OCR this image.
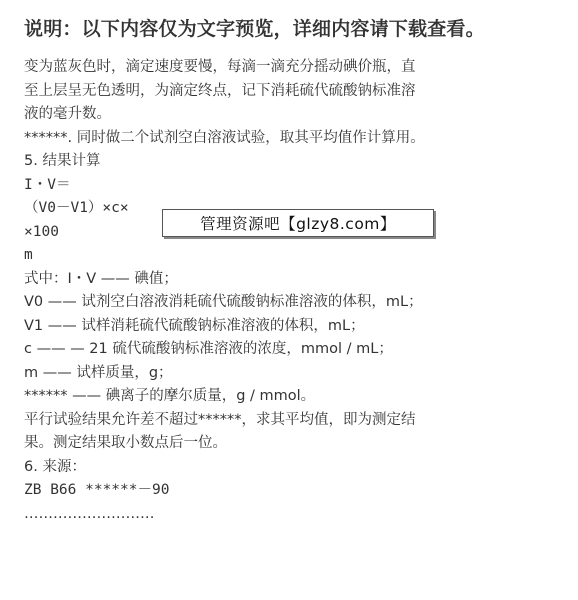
说明：以下内容仅为文字预览，详细内容请下载查看。
变为蓝灰色时，滴定速度要慢，每滴一滴充分摇动碘价瓶，直
至上层呈无色透明，为滴定终点，记下消耗硫代硫酸钠标准溶
液的毫升数。
******. 同时做二个试剂空白溶液试验，取其平均值作计算用。
5. 结果计算
I・V＝
（V0－V1）×c×
×100
m
式中：I・V —— 碘值；
V0 —— 试剂空白溶液消耗硫代硫酸钠标准溶液的体积，mL；
V1 —— 试样消耗硫代硫酸钠标准溶液的体积，mL；
c —— — 21 硫代硫酸钠标准溶液的浓度，mmol / mL；
m —— 试样质量，g；
****** —— 碘离子的摩尔质量，g / mmol。
平行试验结果允许差不超过******，求其平均值，即为测定结
果。测定结果取小数点后一位。
6. 来源：
ZB B66 ******－90
………………………
管理资源吧【glzy8.com】
